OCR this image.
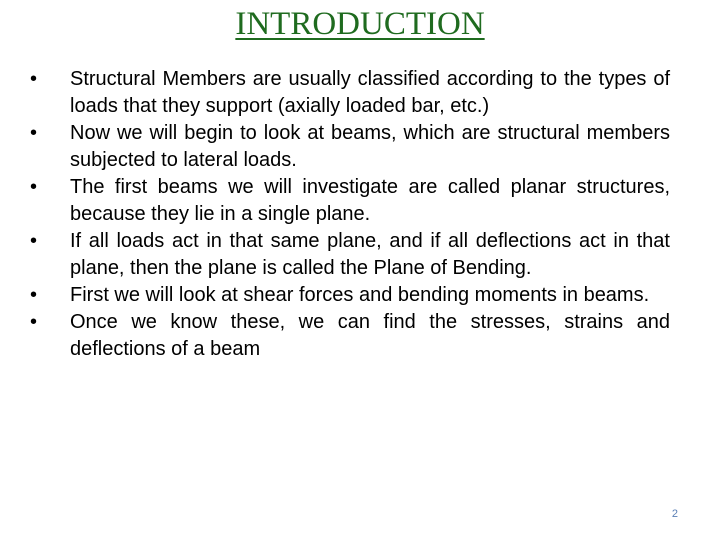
INTRODUCTION
•	Structural Members are usually classified according to the types of loads that they support (axially loaded bar, etc.)
•	Now we will begin to look at beams, which are structural members subjected to lateral loads.
•	The first beams we will investigate are called planar structures, because they lie in a single plane.
•	If all loads act in that same plane, and if all deflections act in that plane, then the plane is called the Plane of Bending.
•	First we will look at shear forces and bending moments in beams.
•	Once we know these, we can find the stresses, strains and deflections of a beam
2
